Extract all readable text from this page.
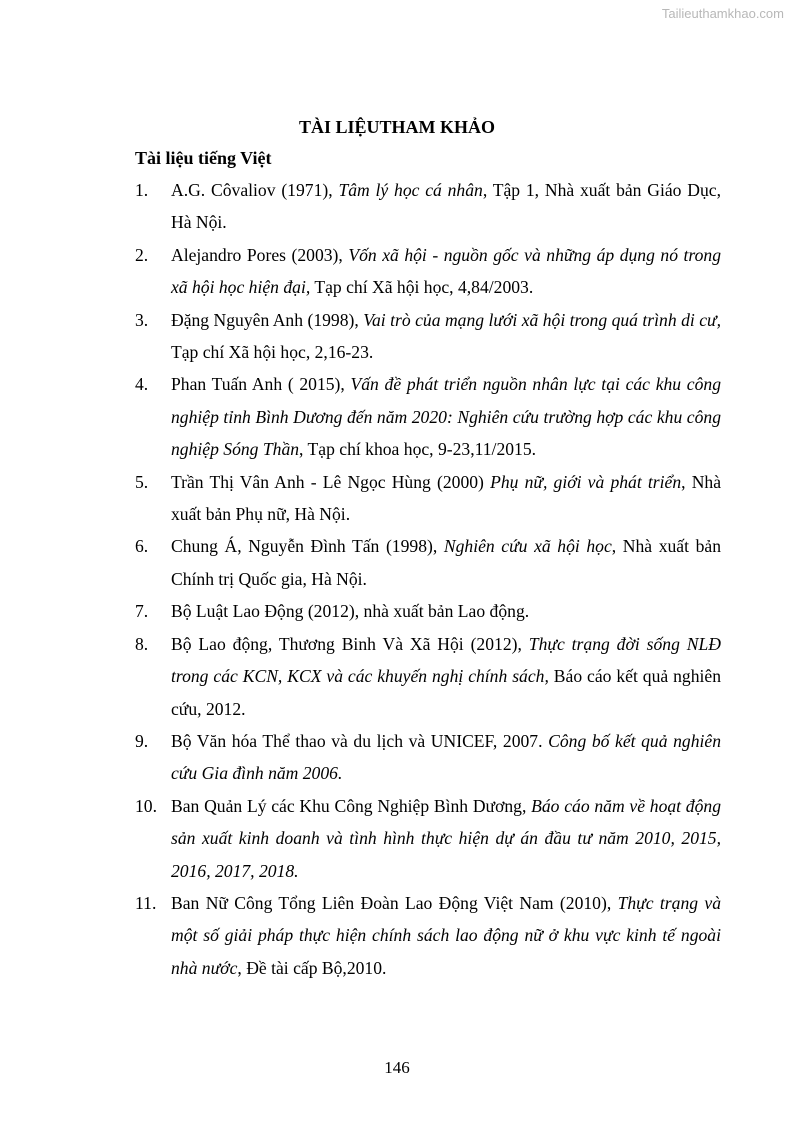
Tailieuthamkhao.com
TÀI LIỆUTHAM KHẢO
Tài liệu tiếng Việt
1. A.G. Côvaliov (1971), Tâm lý học cá nhân, Tập 1, Nhà xuất bản Giáo Dục, Hà Nội.
2. Alejandro Pores (2003), Vốn xã hội - nguồn gốc và những áp dụng nó trong xã hội học hiện đại, Tạp chí Xã hội học, 4,84/2003.
3. Đặng Nguyên Anh (1998), Vai trò của mạng lưới xã hội trong quá trình di cư, Tạp chí Xã hội học, 2,16-23.
4. Phan Tuấn Anh ( 2015), Vấn đề phát triển nguồn nhân lực tại các khu công nghiệp tỉnh Bình Dương đến năm 2020: Nghiên cứu trường hợp các khu công nghiệp Sóng Thần, Tạp chí khoa học, 9-23,11/2015.
5. Trần Thị Vân Anh - Lê Ngọc Hùng (2000) Phụ nữ, giới và phát triển, Nhà xuất bản Phụ nữ, Hà Nội.
6. Chung Á, Nguyễn Đình Tấn (1998), Nghiên cứu xã hội học, Nhà xuất bản Chính trị Quốc gia, Hà Nội.
7. Bộ Luật Lao Động (2012), nhà xuất bản Lao động.
8. Bộ Lao động, Thương Binh Và Xã Hội (2012), Thực trạng đời sống NLĐ trong các KCN, KCX và các khuyến nghị chính sách, Báo cáo kết quả nghiên cứu, 2012.
9. Bộ Văn hóa Thể thao và du lịch và UNICEF, 2007. Công bố kết quả nghiên cứu Gia đình năm 2006.
10. Ban Quản Lý các Khu Công Nghiệp Bình Dương, Báo cáo năm về hoạt động sản xuất kinh doanh và tình hình thực hiện dự án đầu tư năm 2010, 2015, 2016, 2017, 2018.
11. Ban Nữ Công Tổng Liên Đoàn Lao Động Việt Nam (2010), Thực trạng và một số giải pháp thực hiện chính sách lao động nữ ở khu vực kinh tế ngoài nhà nước, Đề tài cấp Bộ,2010.
146
